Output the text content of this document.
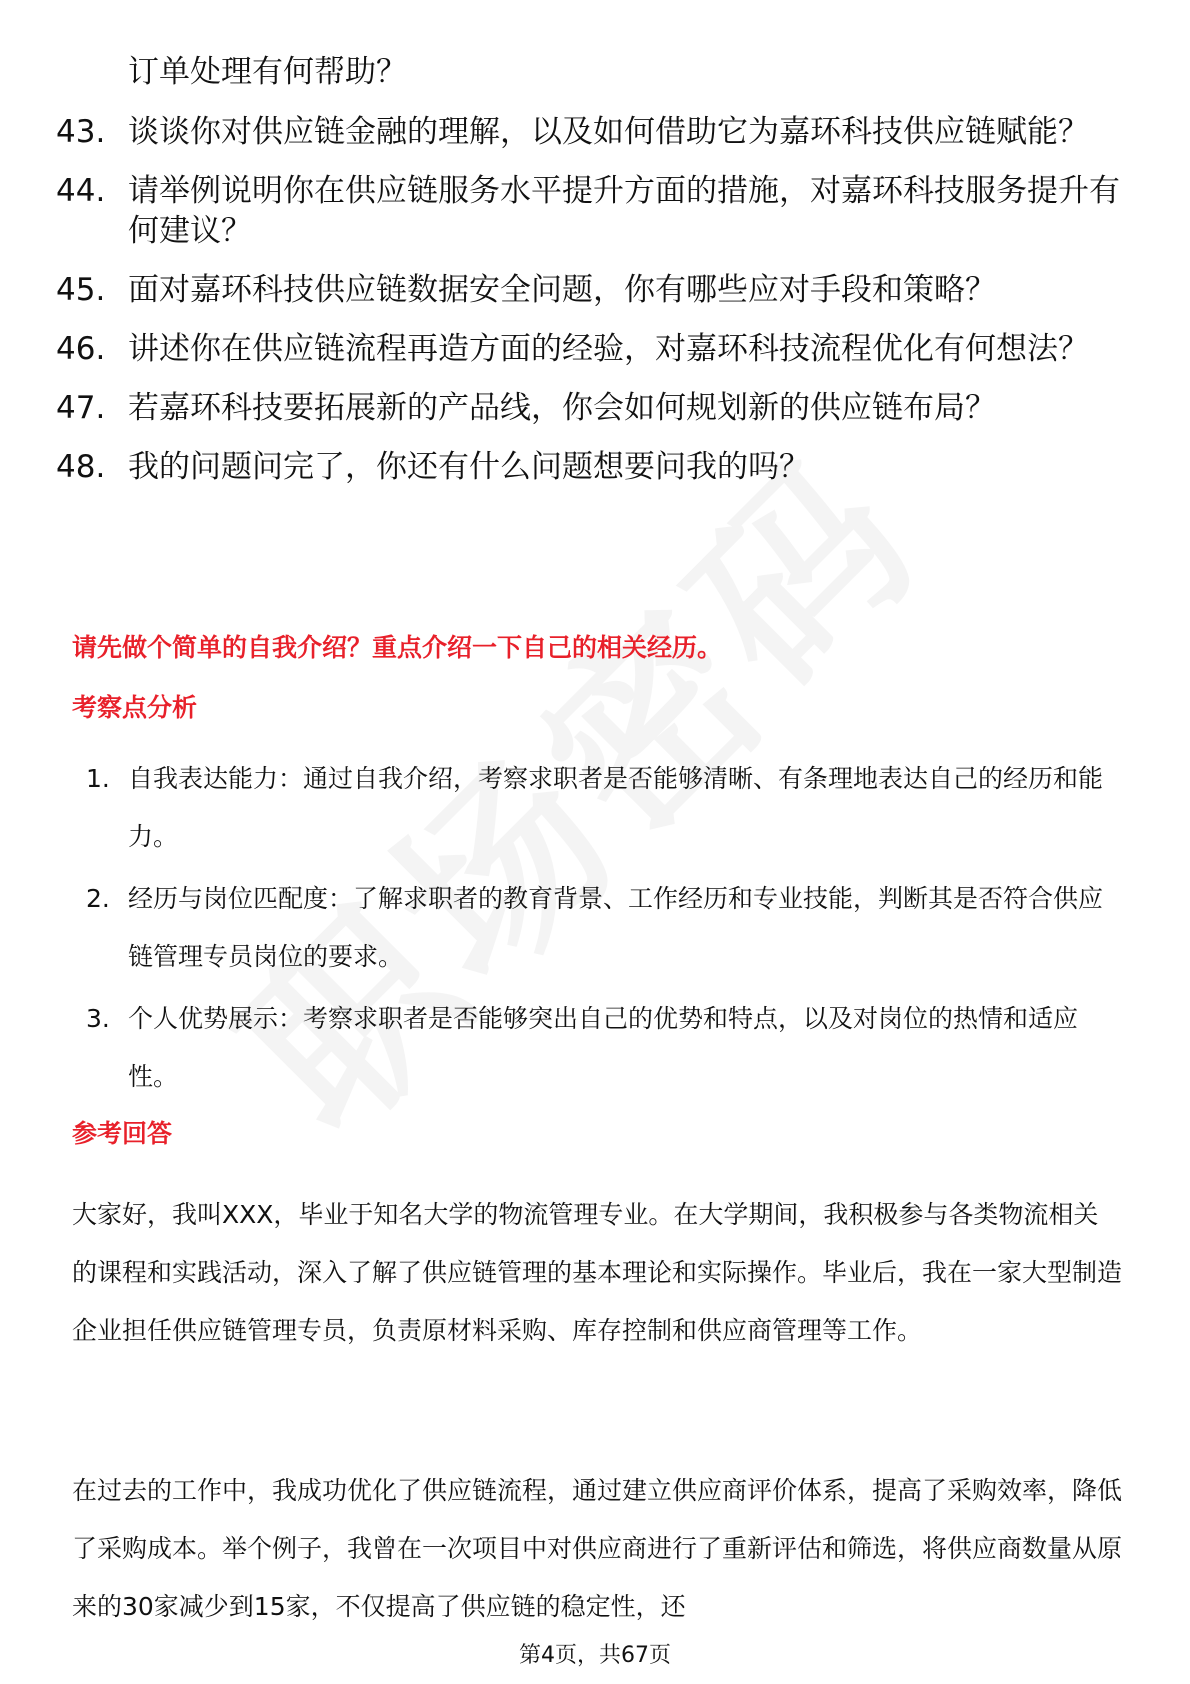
订单处理有何帮助？
43. 谈谈你对供应链金融的理解，以及如何借助它为嘉环科技供应链赋能？
44. 请举例说明你在供应链服务水平提升方面的措施，对嘉环科技服务提升有何建议？
45. 面对嘉环科技供应链数据安全问题，你有哪些应对手段和策略？
46. 讲述你在供应链流程再造方面的经验，对嘉环科技流程优化有何想法？
47. 若嘉环科技要拓展新的产品线，你会如何规划新的供应链布局？
48. 我的问题问完了，你还有什么问题想要问我的吗？
请先做个简单的自我介绍？重点介绍一下自己的相关经历。
考察点分析
1. 自我表达能力：通过自我介绍，考察求职者是否能够清晰、有条理地表达自己的经历和能力。
2. 经历与岗位匹配度：了解求职者的教育背景、工作经历和专业技能，判断其是否符合供应链管理专员岗位的要求。
3. 个人优势展示：考察求职者是否能够突出自己的优势和特点，以及对岗位的热情和适应性。
参考回答

大家好，我叫XXX，毕业于知名大学的物流管理专业。在大学期间，我积极参与各类物流相关的课程和实践活动，深入了解了供应链管理的基本理论和实际操作。毕业后，我在一家大型制造企业担任供应链管理专员，负责原材料采购、库存控制和供应商管理等工作。

在过去的工作中，我成功优化了供应链流程，通过建立供应商评价体系，提高了采购效率，降低了采购成本。举个例子，我曾在一次项目中对供应商进行了重新评估和筛选，将供应商数量从原来的30家减少到15家，不仅提高了供应链的稳定性，还

第4页，共67页
